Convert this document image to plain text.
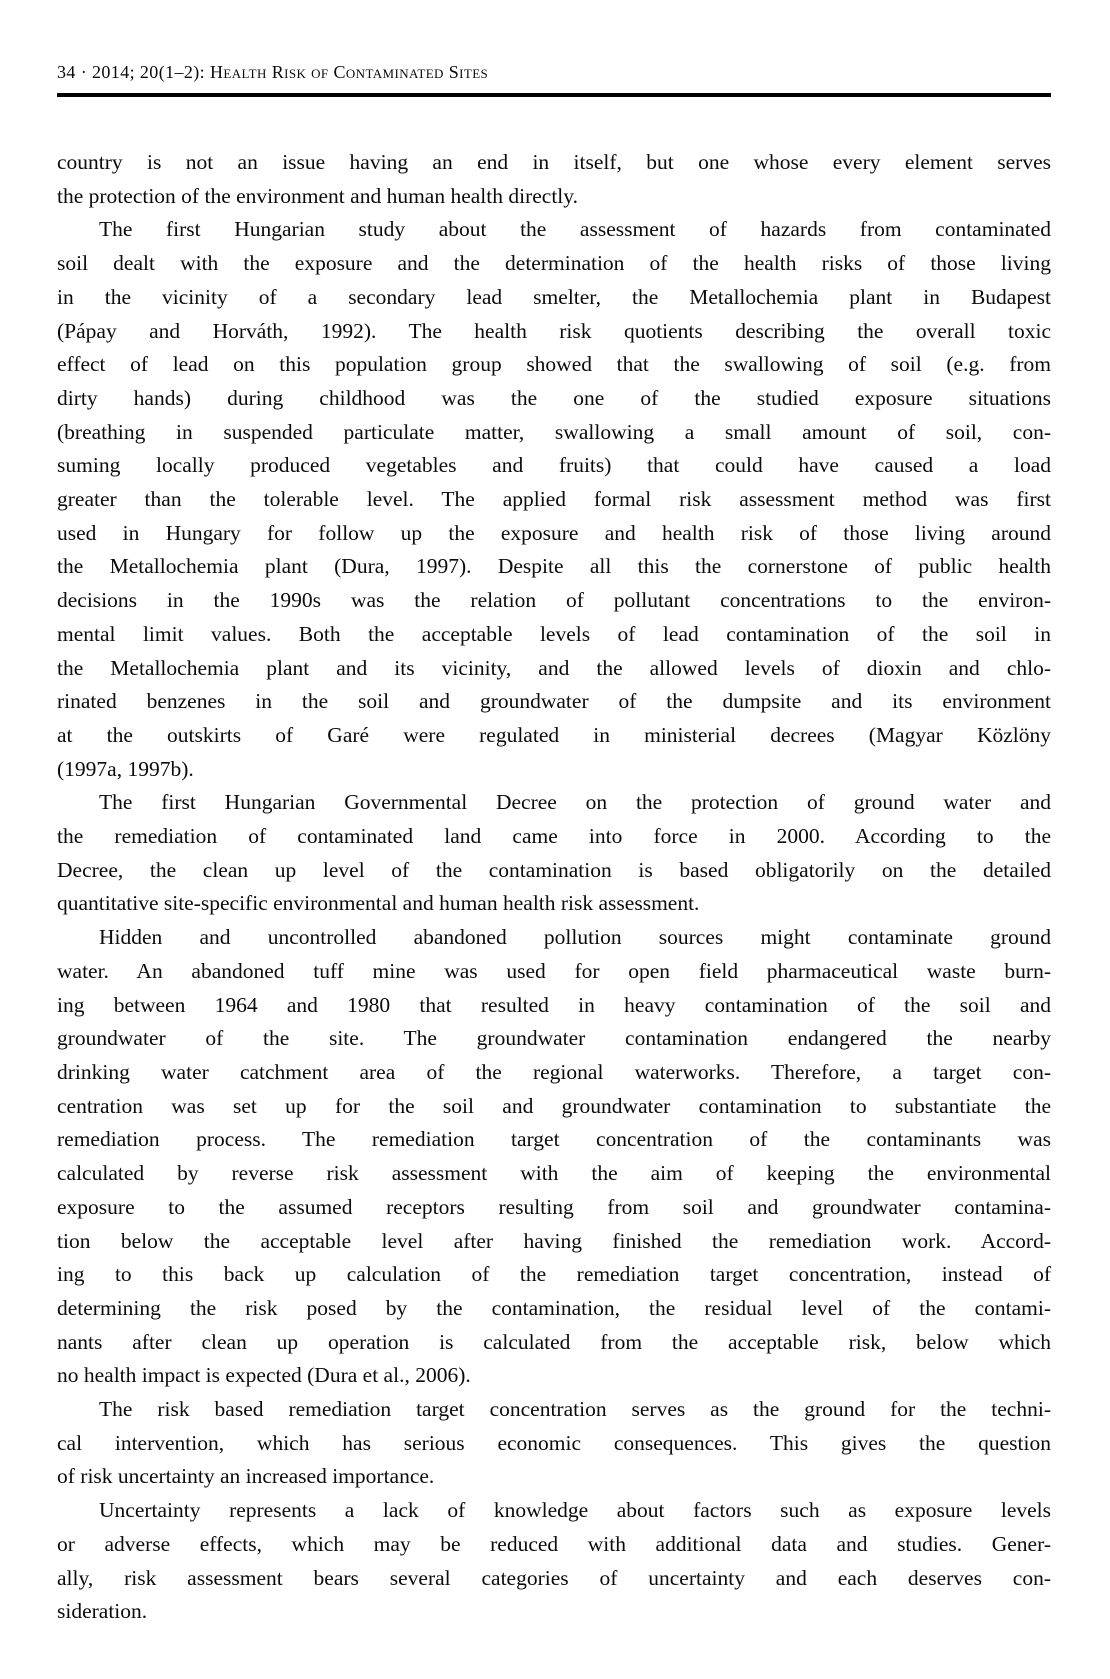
34 · 2014; 20(1–2): Health Risk of Contaminated Sites

country is not an issue having an end in itself, but one whose every element serves
the protection of the environment and human health directly.

The first Hungarian study about the assessment of hazards from contaminated
soil dealt with the exposure and the determination of the health risks of those living
in the vicinity of a secondary lead smelter, the Metallochemia plant in Budapest
(Pápay and Horváth, 1992). The health risk quotients describing the overall toxic
effect of lead on this population group showed that the swallowing of soil (e.g. from
dirty hands) during childhood was the one of the studied exposure situations
(breathing in suspended particulate matter, swallowing a small amount of soil, con-
suming locally produced vegetables and fruits) that could have caused a load
greater than the tolerable level. The applied formal risk assessment method was first
used in Hungary for follow up the exposure and health risk of those living around
the Metallochemia plant (Dura, 1997). Despite all this the cornerstone of public health
decisions in the 1990s was the relation of pollutant concentrations to the environ-
mental limit values. Both the acceptable levels of lead contamination of the soil in
the Metallochemia plant and its vicinity, and the allowed levels of dioxin and chlo-
rinated benzenes in the soil and groundwater of the dumpsite and its environment
at the outskirts of Garé were regulated in ministerial decrees (Magyar Közlöny
(1997a, 1997b).

The first Hungarian Governmental Decree on the protection of ground water and
the remediation of contaminated land came into force in 2000. According to the
Decree, the clean up level of the contamination is based obligatorily on the detailed
quantitative site-specific environmental and human health risk assessment.

Hidden and uncontrolled abandoned pollution sources might contaminate ground
water. An abandoned tuff mine was used for open field pharmaceutical waste burn-
ing between 1964 and 1980 that resulted in heavy contamination of the soil and
groundwater of the site. The groundwater contamination endangered the nearby
drinking water catchment area of the regional waterworks. Therefore, a target con-
centration was set up for the soil and groundwater contamination to substantiate the
remediation process. The remediation target concentration of the contaminants was
calculated by reverse risk assessment with the aim of keeping the environmental
exposure to the assumed receptors resulting from soil and groundwater contamina-
tion below the acceptable level after having finished the remediation work. Accord-
ing to this back up calculation of the remediation target concentration, instead of
determining the risk posed by the contamination, the residual level of the contami-
nants after clean up operation is calculated from the acceptable risk, below which
no health impact is expected (Dura et al., 2006).

The risk based remediation target concentration serves as the ground for the techni-
cal intervention, which has serious economic consequences. This gives the question
of risk uncertainty an increased importance.

Uncertainty represents a lack of knowledge about factors such as exposure levels
or adverse effects, which may be reduced with additional data and studies. Gener-
ally, risk assessment bears several categories of uncertainty and each deserves con-
sideration.
